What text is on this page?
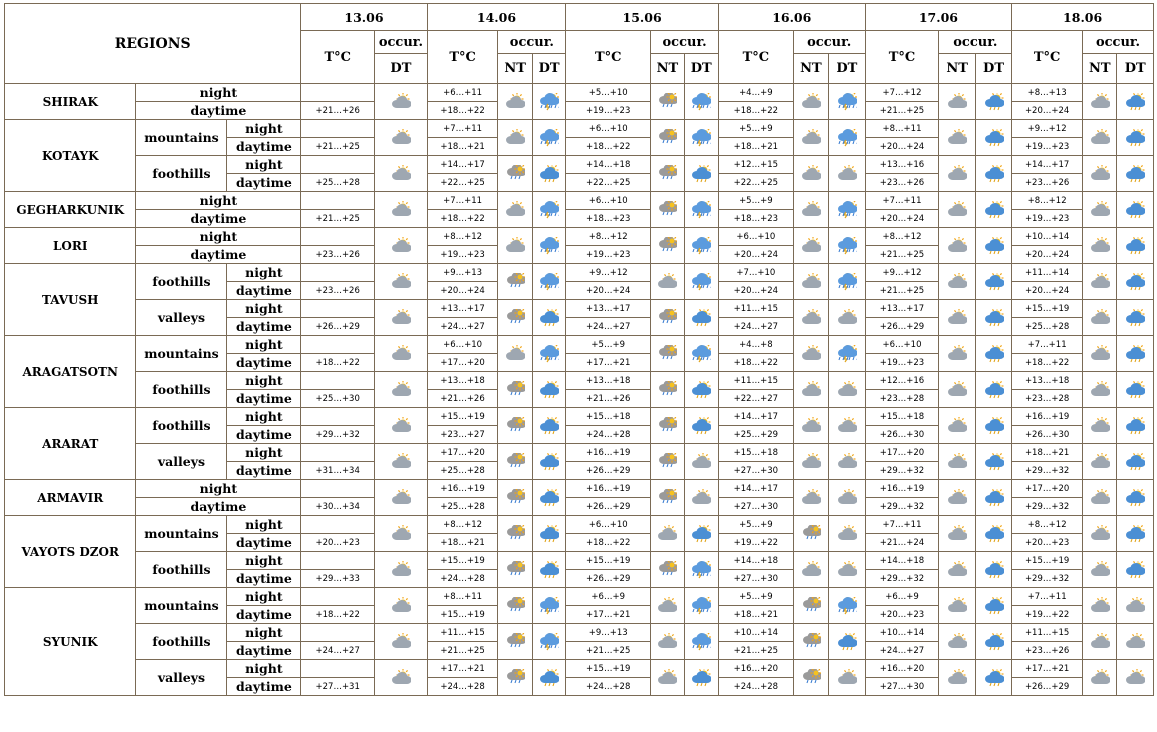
REGIONS			13.06		14.06			15.06			16.06			17.06			18.06		
			T°C	occur.	T°C	occur.		T°C	occur.		T°C	occur.		T°C	occur.		T°C	occur.	
				DT		NT	DT		NT	DT		NT	DT		NT	DT		NT	DT
SHIRAK	night				+6…+11			+5…+10			+4…+9			+7…+12			+8…+13	

	daytime		+21…+26		+18…+22			+19…+23			+18…+22			+21…+25			+20…+24		
KOTAYK	mountains	night			+7…+11			+6…+10			+5…+9			+8…+11			+9…+12	

		daytime	+21…+25		+18…+21			+18…+22			+18…+21			+20…+24			+19…+23		
	foothills	night			+14…+17			+14…+18			+12…+15			+13…+16			+14…+17	

		daytime	+25…+28		+22…+25			+22…+25			+22…+25			+23…+26			+23…+26		
GEGHARKUNIK	night				+7…+11			+6…+10			+5…+9			+7…+11			+8…+12	

	daytime		+21…+25		+18…+22			+18…+23			+18…+23			+20…+24			+19…+23		
LORI	night				+8…+12			+8…+12			+6…+10			+8…+12			+10…+14	

	daytime		+23…+26		+19…+23			+19…+23			+20…+24			+21…+25			+20…+24		
TAVUSH	foothills	night			+9…+13			+9…+12			+7…+10			+9…+12			+11…+14	

		daytime	+23…+26		+20…+24			+20…+24			+20…+24			+21…+25			+20…+24		
	valleys	night			+13…+17			+13…+17			+11…+15			+13…+17			+15…+19	

		daytime	+26…+29		+24…+27			+24…+27			+24…+27			+26…+29			+25…+28		
ARAGATSOTN	mountains	night			+6…+10			+5…+9			+4…+8			+6…+10			+7…+11	

		daytime	+18…+22		+17…+20			+17…+21			+18…+22			+19…+23			+18…+22		
	foothills	night			+13…+18			+13…+18			+11…+15			+12…+16			+13…+18	

		daytime	+25…+30		+21…+26			+21…+26			+22…+27			+23…+28			+23…+28		
ARARAT	foothills	night			+15…+19			+15…+18			+14…+17			+15…+18			+16…+19	

		daytime	+29…+32		+23…+27			+24…+28			+25…+29			+26…+30			+26…+30		
	valleys	night			+17…+20			+16…+19			+15…+18			+17…+20			+18…+21	

		daytime	+31…+34		+25…+28			+26…+29			+27…+30			+29…+32			+29…+32		
ARMAVIR	night				+16…+19			+16…+19			+14…+17			+16…+19			+17…+20	

	daytime		+30…+34		+25…+28			+26…+29			+27…+30			+29…+32			+29…+32		
VAYOTS DZOR	mountains	night			+8…+12			+6…+10			+5…+9			+7…+11			+8…+12	

		daytime	+20…+23		+18…+21			+18…+22			+19…+22			+21…+24			+20…+23		
	foothills	night			+15…+19			+15…+19			+14…+18			+14…+18			+15…+19	

		daytime	+29…+33		+24…+28			+26…+29			+27…+30			+29…+32			+29…+32		
SYUNIK	mountains	night			+8…+11			+6…+9			+5…+9			+6…+9			+7…+11	

		daytime	+18…+22		+15…+19			+17…+21			+18…+21			+20…+23			+19…+22		
	foothills	night			+11…+15			+9…+13			+10…+14			+10…+14			+11…+15	

		daytime	+24…+27		+21…+25			+21…+25			+21…+25			+24…+27			+23…+26		
	valleys	night			+17…+21			+15…+19			+16…+20			+16…+20			+17…+21	

		daytime	+27…+31		+24…+28			+24…+28			+24…+28			+27…+30			+26…+29		
